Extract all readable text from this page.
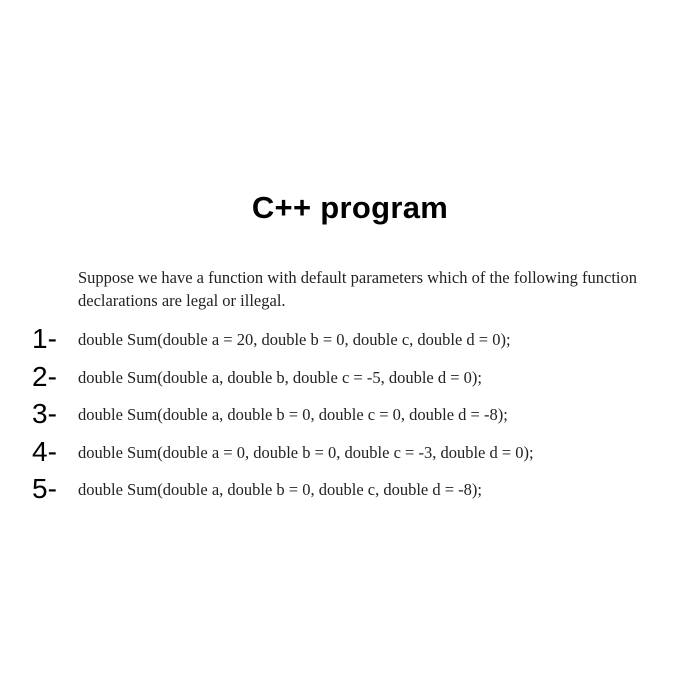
C++ program

Suppose we have a function with default parameters which of the following function declarations are legal or illegal.

1-	double Sum(double a = 20, double b = 0, double c, double d = 0);
2-	double Sum(double a, double b, double c = -5, double d = 0);
3-	double Sum(double a, double b = 0, double c = 0, double d = -8);
4-	double Sum(double a = 0, double b = 0, double c = -3, double d = 0);
5-	double Sum(double a, double b = 0, double c, double d = -8);
